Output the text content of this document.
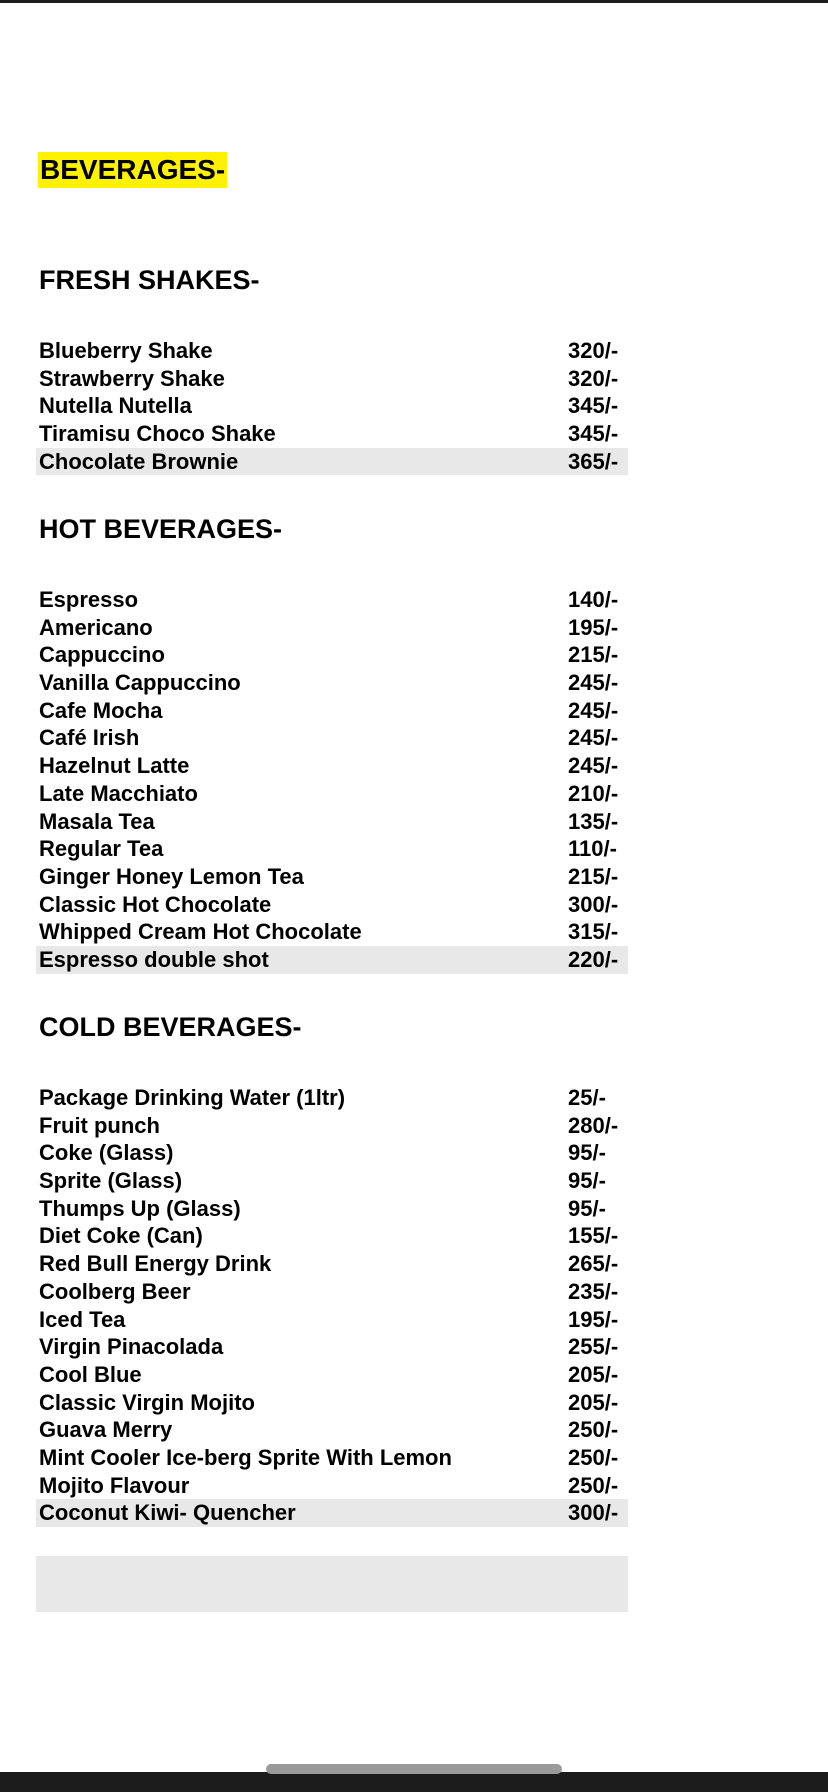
BEVERAGES-
FRESH SHAKES-
Blueberry Shake	320/-
Strawberry Shake	320/-
Nutella Nutella	345/-
Tiramisu Choco Shake	345/-
Chocolate Brownie	365/-
HOT BEVERAGES-
Espresso	140/-
Americano	195/-
Cappuccino	215/-
Vanilla Cappuccino	245/-
Cafe Mocha	245/-
Café Irish	245/-
Hazelnut Latte	245/-
Late Macchiato	210/-
Masala Tea	135/-
Regular Tea	110/-
Ginger Honey Lemon Tea	215/-
Classic Hot Chocolate	300/-
Whipped Cream Hot Chocolate	315/-
Espresso double shot	220/-
COLD BEVERAGES-
Package Drinking Water (1ltr)	25/-
Fruit punch	280/-
Coke (Glass)	95/-
Sprite (Glass)	95/-
Thumps Up (Glass)	95/-
Diet Coke (Can)	155/-
Red Bull Energy Drink	265/-
Coolberg Beer	235/-
Iced Tea	195/-
Virgin Pinacolada	255/-
Cool Blue	205/-
Classic Virgin Mojito	205/-
Guava Merry	250/-
Mint Cooler Ice-berg Sprite With Lemon	250/-
Mojito Flavour	250/-
Coconut Kiwi- Quencher	300/-
